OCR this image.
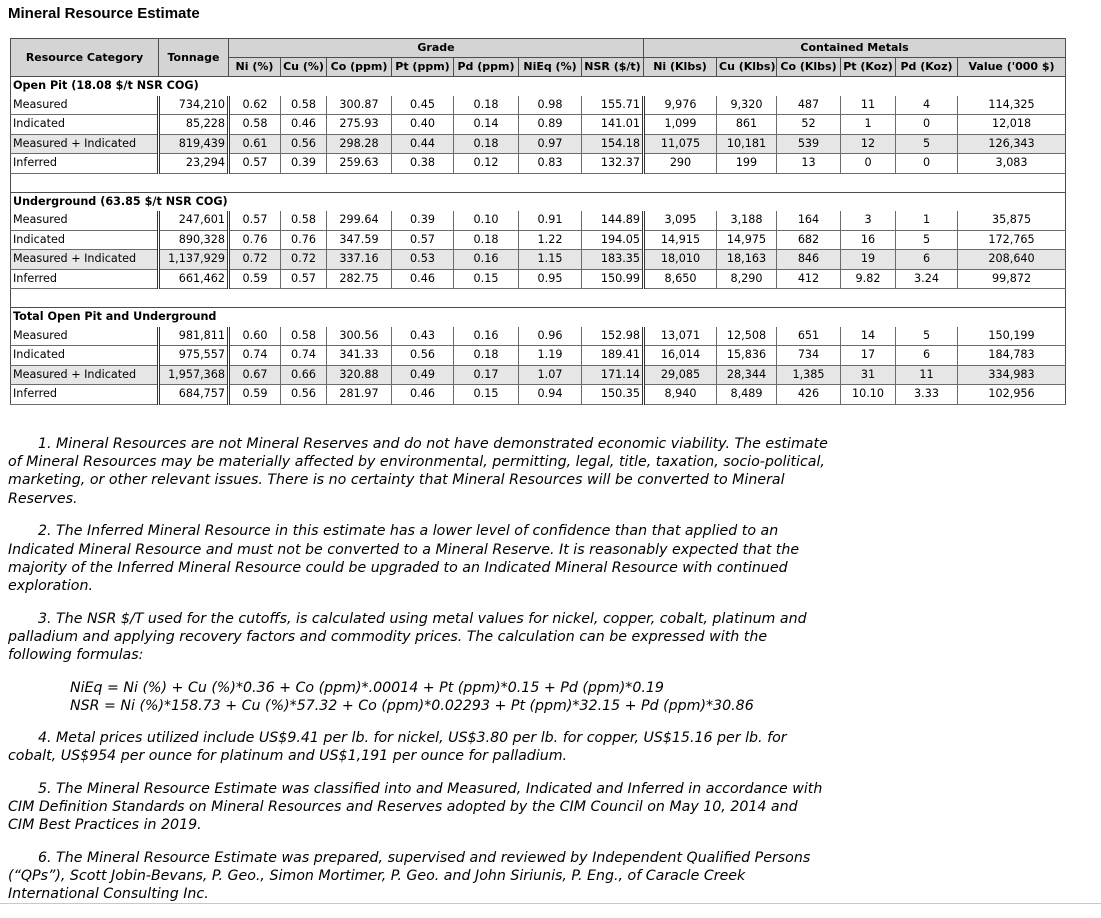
Mineral Resource Estimate
Resource Category	Tonnage	Grade							Contained Metals					
		Ni (%)	Cu (%)	Co (ppm)	Pt (ppm)	Pd (ppm)	NiEq (%)	NSR ($/t)	Ni (Klbs)	Cu (Klbs)	Co (Klbs)	Pt (Koz)	Pd (Koz)	Value ('000 $)
Open Pit (18.08 $/t NSR COG)														
Measured	734,210	0.62	0.58	300.87	0.45	0.18	0.98	155.71	9,976	9,320	487	11	4	114,325
Indicated	85,228	0.58	0.46	275.93	0.40	0.14	0.89	141.01	1,099	861	52	1	0	12,018
Measured + Indicated	819,439	0.61	0.56	298.28	0.44	0.18	0.97	154.18	11,075	10,181	539	12	5	126,343
Inferred	23,294	0.57	0.39	259.63	0.38	0.12	0.83	132.37	290	199	13	0	0	3,083

Underground (63.85 $/t NSR COG)														
Measured	247,601	0.57	0.58	299.64	0.39	0.10	0.91	144.89	3,095	3,188	164	3	1	35,875
Indicated	890,328	0.76	0.76	347.59	0.57	0.18	1.22	194.05	14,915	14,975	682	16	5	172,765
Measured + Indicated	1,137,929	0.72	0.72	337.16	0.53	0.16	1.15	183.35	18,010	18,163	846	19	6	208,640
Inferred	661,462	0.59	0.57	282.75	0.46	0.15	0.95	150.99	8,650	8,290	412	9.82	3.24	99,872

Total Open Pit and Underground														
Measured	981,811	0.60	0.58	300.56	0.43	0.16	0.96	152.98	13,071	12,508	651	14	5	150,199
Indicated	975,557	0.74	0.74	341.33	0.56	0.18	1.19	189.41	16,014	15,836	734	17	6	184,783
Measured + Indicated	1,957,368	0.67	0.66	320.88	0.49	0.17	1.07	171.14	29,085	28,344	1,385	31	11	334,983
Inferred	684,757	0.59	0.56	281.97	0.46	0.15	0.94	150.35	8,940	8,489	426	10.10	3.33	102,956

1. Mineral Resources are not Mineral Reserves and do not have demonstrated economic viability. The estimate of Mineral Resources may be materially affected by environmental, permitting, legal, title, taxation, socio-political, marketing, or other relevant issues. There is no certainty that Mineral Resources will be converted to Mineral Reserves.

2. The Inferred Mineral Resource in this estimate has a lower level of confidence than that applied to an Indicated Mineral Resource and must not be converted to a Mineral Reserve. It is reasonably expected that the majority of the Inferred Mineral Resource could be upgraded to an Indicated Mineral Resource with continued exploration.

3. The NSR $/T used for the cutoffs, is calculated using metal values for nickel, copper, cobalt, platinum and palladium and applying recovery factors and commodity prices. The calculation can be expressed with the following formulas:

NiEq = Ni (%) + Cu (%)*0.36 + Co (ppm)*.00014 + Pt (ppm)*0.15 + Pd (ppm)*0.19
NSR = Ni (%)*158.73 + Cu (%)*57.32 + Co (ppm)*0.02293 + Pt (ppm)*32.15 + Pd (ppm)*30.86

4. Metal prices utilized include US$9.41 per lb. for nickel, US$3.80 per lb. for copper, US$15.16 per lb. for cobalt, US$954 per ounce for platinum and US$1,191 per ounce for palladium.

5. The Mineral Resource Estimate was classified into and Measured, Indicated and Inferred in accordance with CIM Definition Standards on Mineral Resources and Reserves adopted by the CIM Council on May 10, 2014 and CIM Best Practices in 2019.

6. The Mineral Resource Estimate was prepared, supervised and reviewed by Independent Qualified Persons (“QPs”), Scott Jobin-Bevans, P. Geo., Simon Mortimer, P. Geo. and John Siriunis, P. Eng., of Caracle Creek International Consulting Inc.
